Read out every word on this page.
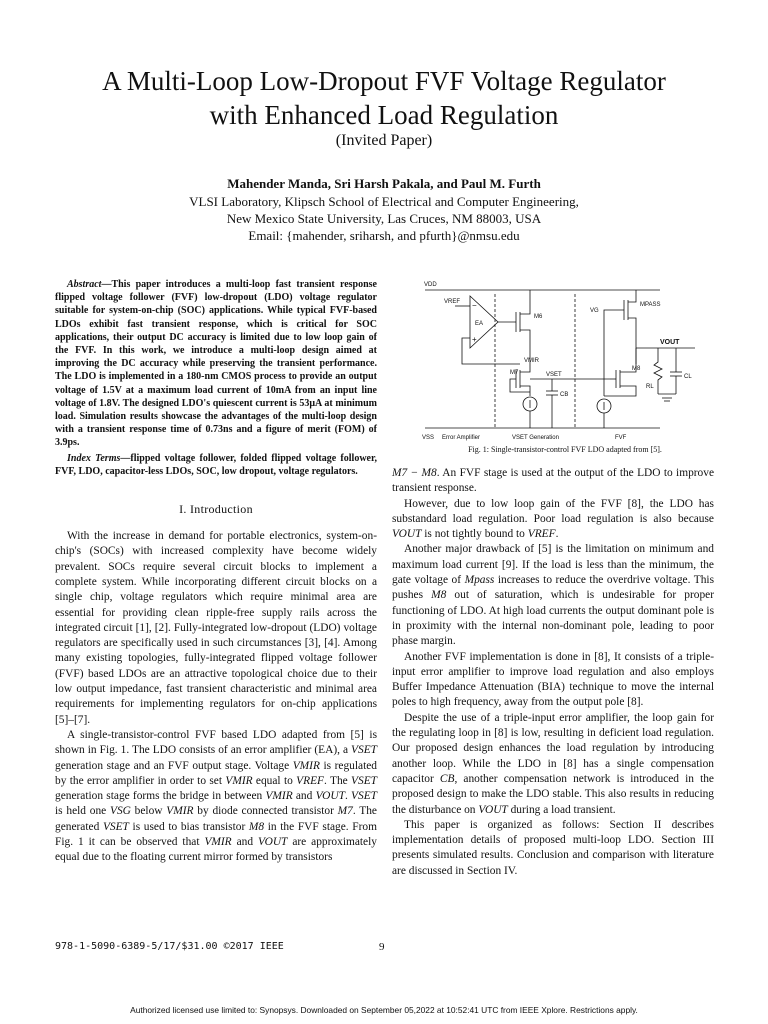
A Multi-Loop Low-Dropout FVF Voltage Regulator
with Enhanced Load Regulation
(Invited Paper)
Mahender Manda, Sri Harsh Pakala, and Paul M. Furth
VLSI Laboratory, Klipsch School of Electrical and Computer Engineering,
New Mexico State University, Las Cruces, NM 88003, USA
Email: {mahender, sriharsh, and pfurth}@nmsu.edu

Abstract—This paper introduces a multi-loop fast transient response flipped voltage follower (FVF) low-dropout (LDO) voltage regulator suitable for system-on-chip (SOC) applications. While typical FVF-based LDOs exhibit fast transient response, which is critical for SOC applications, their output DC accuracy is limited due to low loop gain of the FVF. In this work, we introduce a multi-loop design aimed at improving the DC accuracy while preserving the transient performance. The LDO is implemented in a 180-nm CMOS process to provide an output voltage of 1.5V at a maximum load current of 10mA from an input line voltage of 1.8V. The designed LDO's quiescent current is 53μA at minimum load. Simulation results showcase the advantages of the multi-loop design with a transient response time of 0.73ns and a figure of merit (FOM) of 3.9ps.

Index Terms—flipped voltage follower, folded flipped voltage follower, FVF, LDO, capacitor-less LDOs, SOC, low dropout, voltage regulators.

I. Introduction

With the increase in demand for portable electronics, system-on-chip's (SOCs) with increased complexity have become widely prevalent. SOCs require several circuit blocks to implement a complete system. While incorporating different circuit blocks on a single chip, voltage regulators which require minimal area are essential for providing clean ripple-free supply rails across the integrated circuit [1], [2]. Fully-integrated low-dropout (LDO) voltage regulators are specifically used in such circumstances [3], [4]. Among many existing topologies, fully-integrated flipped voltage follower (FVF) based LDOs are an attractive topological choice due to their low output impedance, fast transient characteristic and minimal area requirements for implementing regulators for on-chip applications [5]–[7].

A single-transistor-control FVF based LDO adapted from [5] is shown in Fig. 1. The LDO consists of an error amplifier (EA), a VSET generation stage and an FVF output stage. Voltage VMIR is regulated by the error amplifier in order to set VMIR equal to VREF. The VSET generation stage forms the bridge in between VMIR and VOUT. VSET is held one VSG below VMIR by diode connected transistor M7. The generated VSET is used to bias transistor M8 in the FVF stage. From Fig. 1 it can be observed that VMIR and VOUT are approximately equal due to the floating current mirror formed by transistors

VDD
VSS Error Amplifier	VSET Generation	FVF
EA
−
+
VREF
M6
VMIR
M7	VSET
CB
MPASS
VG
VOUT
M8
RL
CL
Fig. 1: Single-transistor-control FVF LDO adapted from [5].

M7 − M8. An FVF stage is used at the output of the LDO to improve transient response.

However, due to low loop gain of the FVF [8], the LDO has substandard load regulation. Poor load regulation is also because VOUT is not tightly bound to VREF.

Another major drawback of [5] is the limitation on minimum and maximum load current [9]. If the load is less than the minimum, the gate voltage of Mpass increases to reduce the overdrive voltage. This pushes M8 out of saturation, which is undesirable for proper functioning of LDO. At high load currents the output dominant pole is in proximity with the internal non-dominant pole, leading to poor phase margin.

Another FVF implementation is done in [8], It consists of a triple-input error amplifier to improve load regulation and also employs Buffer Impedance Attenuation (BIA) technique to move the internal poles to high frequency, away from the output pole [8].

Despite the use of a triple-input error amplifier, the loop gain for the regulating loop in [8] is low, resulting in deficient load regulation. Our proposed design enhances the load regulation by introducing another loop. While the LDO in [8] has a single compensation capacitor CB, another compensation network is introduced in the proposed design to make the LDO stable. This also results in reducing the disturbance on VOUT during a load transient.

This paper is organized as follows: Section II describes implementation details of proposed multi-loop LDO. Section III presents simulated results. Conclusion and comparison with literature are discussed in Section IV.

978-1-5090-6389-5/17/$31.00 ©2017 IEEE	9
Authorized licensed use limited to: Synopsys. Downloaded on September 05,2022 at 10:52:41 UTC from IEEE Xplore. Restrictions apply.
